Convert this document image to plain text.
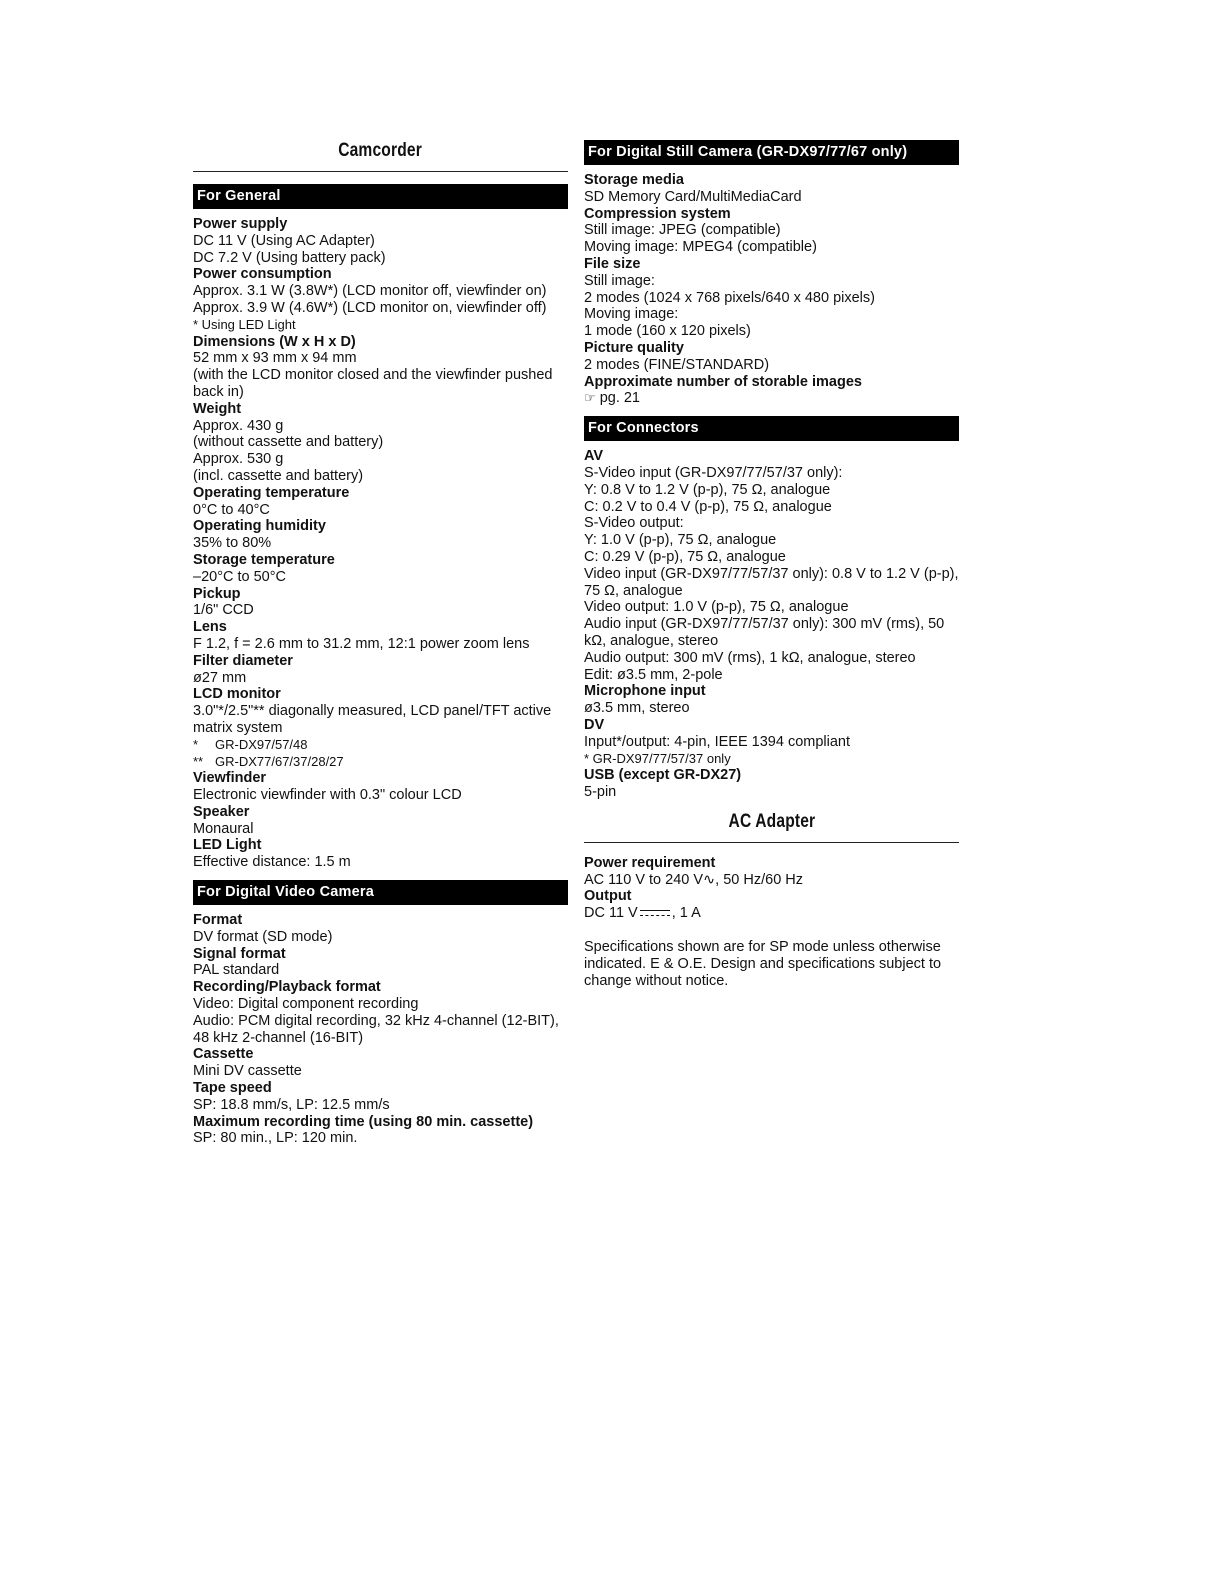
Camcorder
For General
Power supply
DC 11 V (Using AC Adapter)
DC 7.2 V (Using battery pack)
Power consumption
Approx. 3.1 W (3.8W*) (LCD monitor off, viewfinder on)
Approx. 3.9 W (4.6W*) (LCD monitor on, viewfinder off)
* Using LED Light
Dimensions (W x H x D)
52 mm x 93 mm x 94 mm
(with the LCD monitor closed and the viewfinder pushed back in)
Weight
Approx. 430 g
(without cassette and battery)
Approx. 530 g
(incl. cassette and battery)
Operating temperature
0°C to 40°C
Operating humidity
35% to 80%
Storage temperature
–20°C to 50°C
Pickup
1/6" CCD
Lens
F 1.2, f = 2.6 mm to 31.2 mm, 12:1 power zoom lens
Filter diameter
ø27 mm
LCD monitor
3.0"*/2.5"** diagonally measured, LCD panel/TFT active matrix system
*	GR-DX97/57/48
** GR-DX77/67/37/28/27
Viewfinder
Electronic viewfinder with 0.3" colour LCD
Speaker
Monaural
LED Light
Effective distance: 1.5 m
For Digital Video Camera
Format
DV format (SD mode)
Signal format
PAL standard
Recording/Playback format
Video: Digital component recording
Audio: PCM digital recording, 32 kHz 4-channel (12-BIT), 48 kHz 2-channel (16-BIT)
Cassette
Mini DV cassette
Tape speed
SP: 18.8 mm/s, LP: 12.5 mm/s
Maximum recording time (using 80 min. cassette)
SP: 80 min., LP: 120 min.
For Digital Still Camera (GR-DX97/77/67 only)
Storage media
SD Memory Card/MultiMediaCard
Compression system
Still image: JPEG (compatible)
Moving image: MPEG4 (compatible)
File size
Still image:
2 modes (1024 x 768 pixels/640 x 480 pixels)
Moving image:
1 mode (160 x 120 pixels)
Picture quality
2 modes (FINE/STANDARD)
Approximate number of storable images
☞ pg. 21
For Connectors
AV
S-Video input (GR-DX97/77/57/37 only):
Y: 0.8 V to 1.2 V (p-p), 75 Ω, analogue
C: 0.2 V to 0.4 V (p-p), 75 Ω, analogue
S-Video output:
Y: 1.0 V (p-p), 75 Ω, analogue
C: 0.29 V (p-p), 75 Ω, analogue
Video input (GR-DX97/77/57/37 only): 0.8 V to 1.2 V (p-p), 75 Ω, analogue
Video output: 1.0 V (p-p), 75 Ω, analogue
Audio input (GR-DX97/77/57/37 only): 300 mV (rms), 50 kΩ, analogue, stereo
Audio output: 300 mV (rms), 1 kΩ, analogue, stereo
Edit: ø3.5 mm, 2-pole
Microphone input
ø3.5 mm, stereo
DV
Input*/output: 4-pin, IEEE 1394 compliant
* GR-DX97/77/57/37 only
USB (except GR-DX27)
5-pin
AC Adapter
Power requirement
AC 110 V to 240 V∿, 50 Hz/60 Hz
Output
DC 11 V , 1 A
Specifications shown are for SP mode unless otherwise indicated. E & O.E. Design and specifications subject to change without notice.
